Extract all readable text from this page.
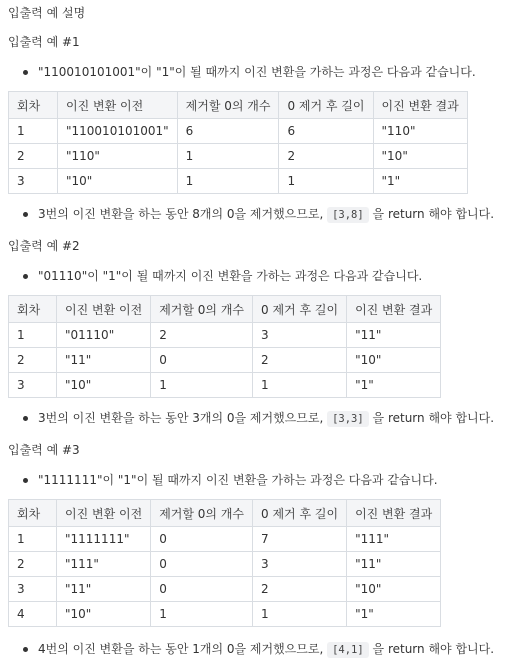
입출력 예 설명
입출력 예 #1
"110010101001"이 "1"이 될 때까지 이진 변환을 가하는 과정은 다음과 같습니다.
회차	이진 변환 이전	제거할 0의 개수	0 제거 후 길이	이진 변환 결과
1	"110010101001"	6	6	"110"
2	"110"	1	2	"10"
3	"10"	1	1	"1"
3번의 이진 변환을 하는 동안 8개의 0을 제거했으므로, [3,8] 을 return 해야 합니다.
입출력 예 #2
"01110"이 "1"이 될 때까지 이진 변환을 가하는 과정은 다음과 같습니다.
회차	이진 변환 이전	제거할 0의 개수	0 제거 후 길이	이진 변환 결과
1	"01110"	2	3	"11"
2	"11"	0	2	"10"
3	"10"	1	1	"1"
3번의 이진 변환을 하는 동안 3개의 0을 제거했으므로, [3,3] 을 return 해야 합니다.
입출력 예 #3
"1111111"이 "1"이 될 때까지 이진 변환을 가하는 과정은 다음과 같습니다.
회차	이진 변환 이전	제거할 0의 개수	0 제거 후 길이	이진 변환 결과
1	"1111111"	0	7	"111"
2	"111"	0	3	"11"
3	"11"	0	2	"10"
4	"10"	1	1	"1"
4번의 이진 변환을 하는 동안 1개의 0을 제거했으므로, [4,1] 을 return 해야 합니다.
